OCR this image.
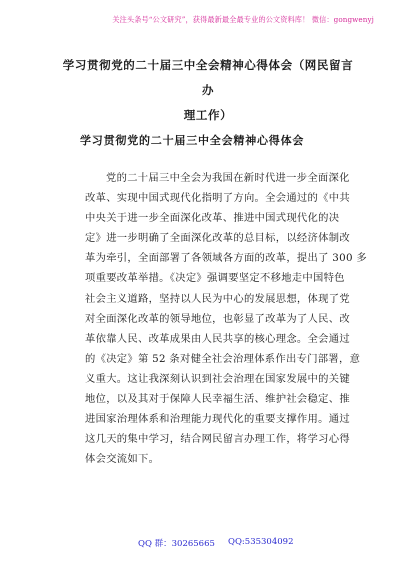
关注头条号“公文研究”，获得最新最全最专业的公文资料库！ 微信：gongwenyj
学习贯彻党的二十届三中全会精神心得体会（网民留言办
理工作）
学习贯彻党的二十届三中全会精神心得体会
党的二十届三中全会为我国在新时代进一步全面深化
改革、实现中国式现代化指明了方向。全会通过的《中共
中央关于进一步全面深化改革、推进中国式现代化的决
定》进一步明确了全面深化改革的总目标，以经济体制改
革为牵引，全面部署了各领域各方面的改革，提出了 300 多
项重要改革举措。《决定》强调要坚定不移地走中国特色
社会主义道路，坚持以人民为中心的发展思想，体现了党
对全面深化改革的领导地位，也彰显了改革为了人民、改
革依靠人民、改革成果由人民共享的核心理念。全会通过
的《决定》第 52 条对健全社会治理体系作出专门部署，意
义重大。这让我深刻认识到社会治理在国家发展中的关键
地位，以及其对于保障人民幸福生活、维护社会稳定、推
进国家治理体系和治理能力现代化的重要支撑作用。通过
这几天的集中学习，结合网民留言办理工作，将学习心得
体会交流如下。
QQ 群：30265665 QQ:535304092
